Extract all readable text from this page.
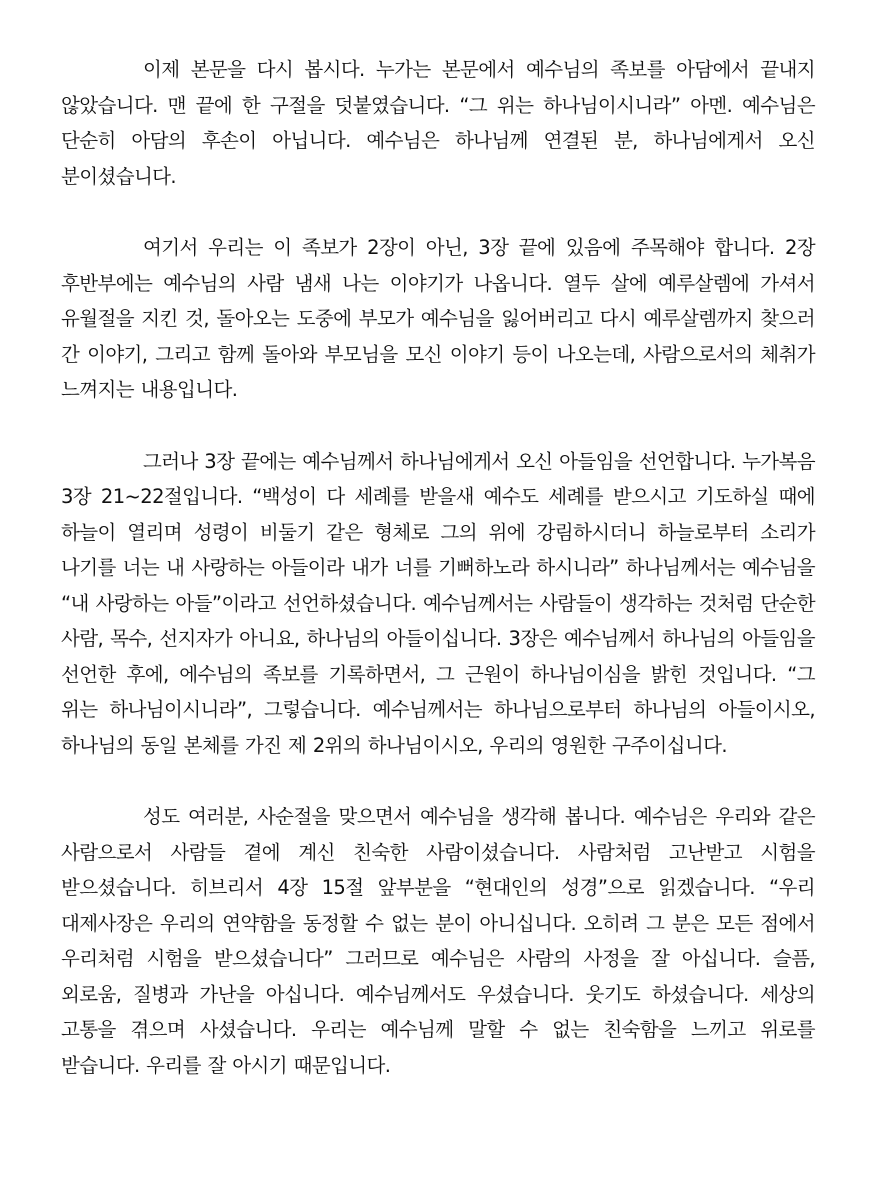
이제 본문을 다시 봅시다. 누가는 본문에서 예수님의 족보를 아담에서 끝내지 않았습니다. 맨 끝에 한 구절을 덧붙였습니다. “그 위는 하나님이시니라” 아멘. 예수님은 단순히 아담의 후손이 아닙니다. 예수님은 하나님께 연결된 분, 하나님에게서 오신 분이셨습니다.

여기서 우리는 이 족보가 2장이 아닌, 3장 끝에 있음에 주목해야 합니다. 2장 후반부에는 예수님의 사람 냄새 나는 이야기가 나옵니다. 열두 살에 예루살렘에 가셔서 유월절을 지킨 것, 돌아오는 도중에 부모가 예수님을 잃어버리고 다시 예루살렘까지 찾으러 간 이야기, 그리고 함께 돌아와 부모님을 모신 이야기 등이 나오는데, 사람으로서의 체취가 느껴지는 내용입니다.

그러나 3장 끝에는 예수님께서 하나님에게서 오신 아들임을 선언합니다. 누가복음 3장 21~22절입니다. “백성이 다 세례를 받을새 예수도 세례를 받으시고 기도하실 때에 하늘이 열리며 성령이 비둘기 같은 형체로 그의 위에 강림하시더니 하늘로부터 소리가 나기를 너는 내 사랑하는 아들이라 내가 너를 기뻐하노라 하시니라” 하나님께서는 예수님을 “내 사랑하는 아들”이라고 선언하셨습니다. 예수님께서는 사람들이 생각하는 것처럼 단순한 사람, 목수, 선지자가 아니요, 하나님의 아들이십니다. 3장은 예수님께서 하나님의 아들임을 선언한 후에, 에수님의 족보를 기록하면서, 그 근원이 하나님이심을 밝힌 것입니다. “그 위는 하나님이시니라”, 그렇습니다. 예수님께서는 하나님으로부터 하나님의 아들이시오, 하나님의 동일 본체를 가진 제 2위의 하나님이시오, 우리의 영원한 구주이십니다.

성도 여러분, 사순절을 맞으면서 예수님을 생각해 봅니다. 예수님은 우리와 같은 사람으로서 사람들 곁에 계신 친숙한 사람이셨습니다. 사람처럼 고난받고 시험을 받으셨습니다. 히브리서 4장 15절 앞부분을 “현대인의 성경”으로 읽겠습니다. “우리 대제사장은 우리의 연약함을 동정할 수 없는 분이 아니십니다. 오히려 그 분은 모든 점에서 우리처럼 시험을 받으셨습니다” 그러므로 예수님은 사람의 사정을 잘 아십니다. 슬픔, 외로움, 질병과 가난을 아십니다. 예수님께서도 우셨습니다. 웃기도 하셨습니다. 세상의 고통을 겪으며 사셨습니다. 우리는 예수님께 말할 수 없는 친숙함을 느끼고 위로를 받습니다. 우리를 잘 아시기 때문입니다.
